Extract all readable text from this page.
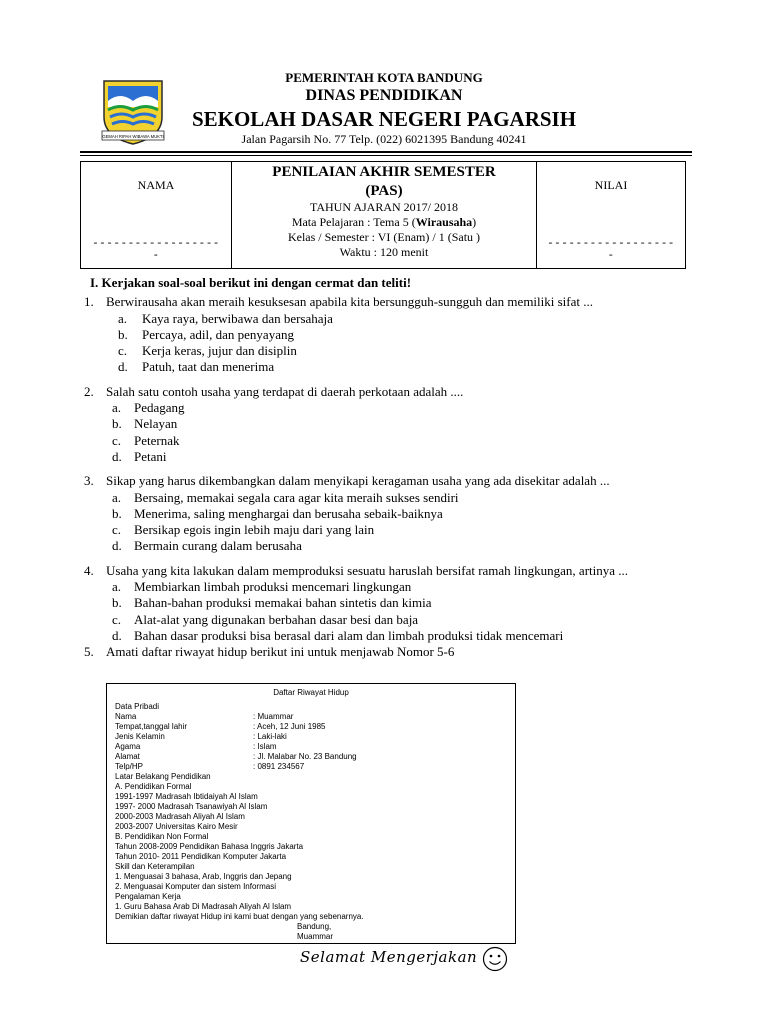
GEMAH RIPAH WIBAWA MUKTI
PEMERINTAH KOTA BANDUNG
DINAS PENDIDIKAN
SEKOLAH DASAR NEGERI PAGARSIH
Jalan Pagarsih No. 77 Telp. (022) 6021395 Bandung 40241
NAMA
-------------------
PENILAIAN AKHIR SEMESTER
(PAS)
TAHUN AJARAN 2017/ 2018
Mata Pelajaran : Tema 5 (Wirausaha)
Kelas / Semester : VI (Enam) / 1 (Satu )
Waktu : 120 menit
NILAI
-------------------
I. Kerjakan soal-soal berikut ini dengan cermat dan teliti!
1. Berwirausaha akan meraih kesuksesan apabila kita bersungguh-sungguh dan memiliki sifat ...
a. Kaya raya, berwibawa dan bersahaja
b. Percaya, adil, dan penyayang
c. Kerja keras, jujur dan disiplin
d. Patuh, taat dan menerima
2. Salah satu contoh usaha yang terdapat di daerah perkotaan adalah ....
a. Pedagang
b. Nelayan
c. Peternak
d. Petani
3. Sikap yang harus dikembangkan dalam menyikapi keragaman usaha yang ada disekitar adalah ...
a. Bersaing, memakai segala cara agar kita meraih sukses sendiri
b. Menerima, saling menghargai dan berusaha sebaik-baiknya
c. Bersikap egois ingin lebih maju dari yang lain
d. Bermain curang dalam berusaha
4. Usaha yang kita lakukan dalam memproduksi sesuatu haruslah bersifat ramah lingkungan, artinya ...
a. Membiarkan limbah produksi mencemari lingkungan
b. Bahan-bahan produksi memakai bahan sintetis dan kimia
c. Alat-alat yang digunakan berbahan dasar besi dan baja
d. Bahan dasar produksi bisa berasal dari alam dan limbah produksi tidak mencemari
5. Amati daftar riwayat hidup berikut ini untuk menjawab Nomor 5-6
Daftar Riwayat Hidup
Data Pribadi
Nama	: Muammar
Tempat,tanggal lahir	: Aceh, 12 Juni 1985
Jenis Kelamin	: Laki-laki
Agama	: Islam
Alamat	: Jl. Malabar No. 23 Bandung
Telp/HP	: 0891 234567
Latar Belakang Pendidikan
A. Pendidikan Formal
1991-1997 Madrasah Ibtidaiyah Al Islam
1997- 2000 Madrasah Tsanawiyah Al Islam
2000-2003 Madrasah Aliyah Al Islam
2003-2007 Universitas Kairo Mesir
B. Pendidikan Non Formal
Tahun 2008-2009 Pendidikan Bahasa Inggris Jakarta
Tahun 2010- 2011 Pendidikan Komputer Jakarta
Skill dan Keterampilan
1. Menguasai 3 bahasa, Arab, Inggris dan Jepang
2. Menguasai Komputer dan sistem Informasi
Pengalaman Kerja
1. Guru Bahasa Arab Di Madrasah Aliyah Al Islam
Demikian daftar riwayat Hidup ini kami buat dengan yang sebenarnya.
Bandung,
Muammar
Selamat Mengerjakan
